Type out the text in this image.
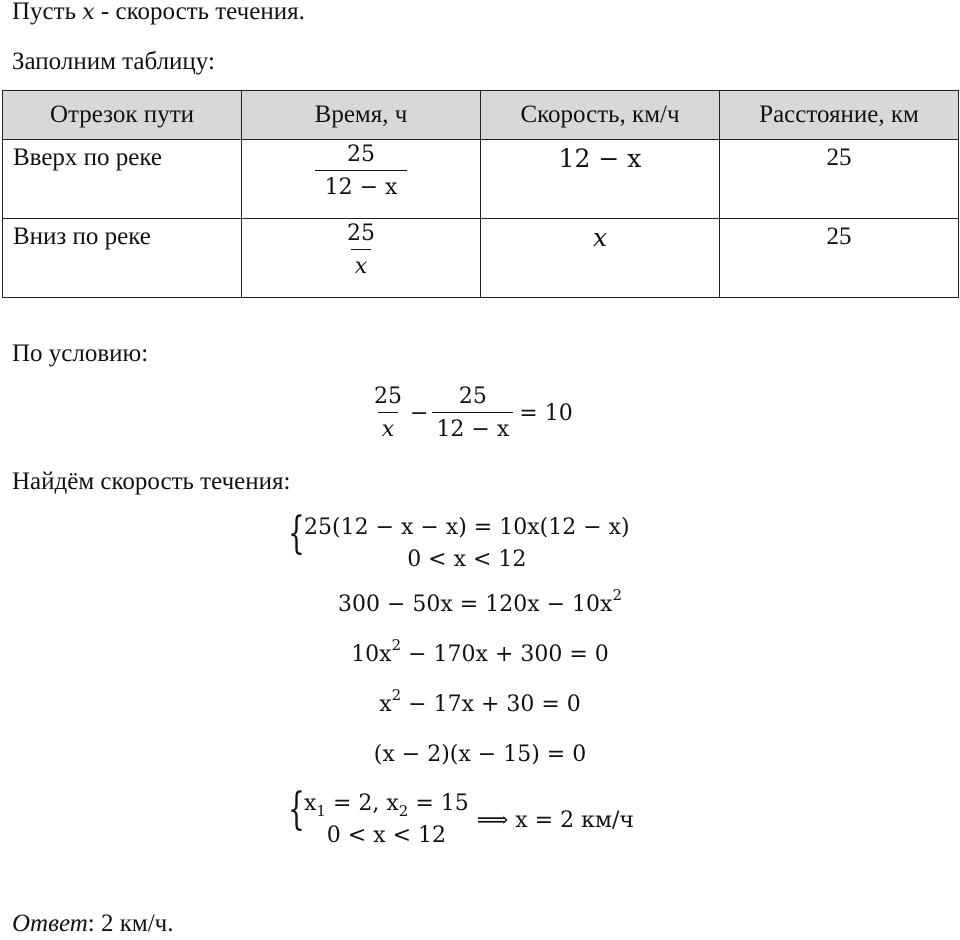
Пусть x - скорость течения.
Заполним таблицу:
Отрезок пути	Время, ч	Скорость, км/ч	Расстояние, км
Вверх по реке	$\frac{25}{12 - x}$	12 − x	25
Вниз по реке	$\frac{25}{x}$	x	25
По условию:
$\frac{25}{x} - \frac{25}{12 - x} = 10$
Найдём скорость течения:
{ 25(12 − x − x) = 10x(12 − x)
0 < x < 12
$300 - 50x = 120x - 10x^2$
$10x^2 - 170x + 300 = 0$
$x^2 - 17x + 30 = 0$
(x − 2)(x − 15) = 0
{ $x_1 = 2$, $x_2 = 15$
0 < x < 12
⟹ x = 2 км/ч
Ответ: 2 км/ч.
